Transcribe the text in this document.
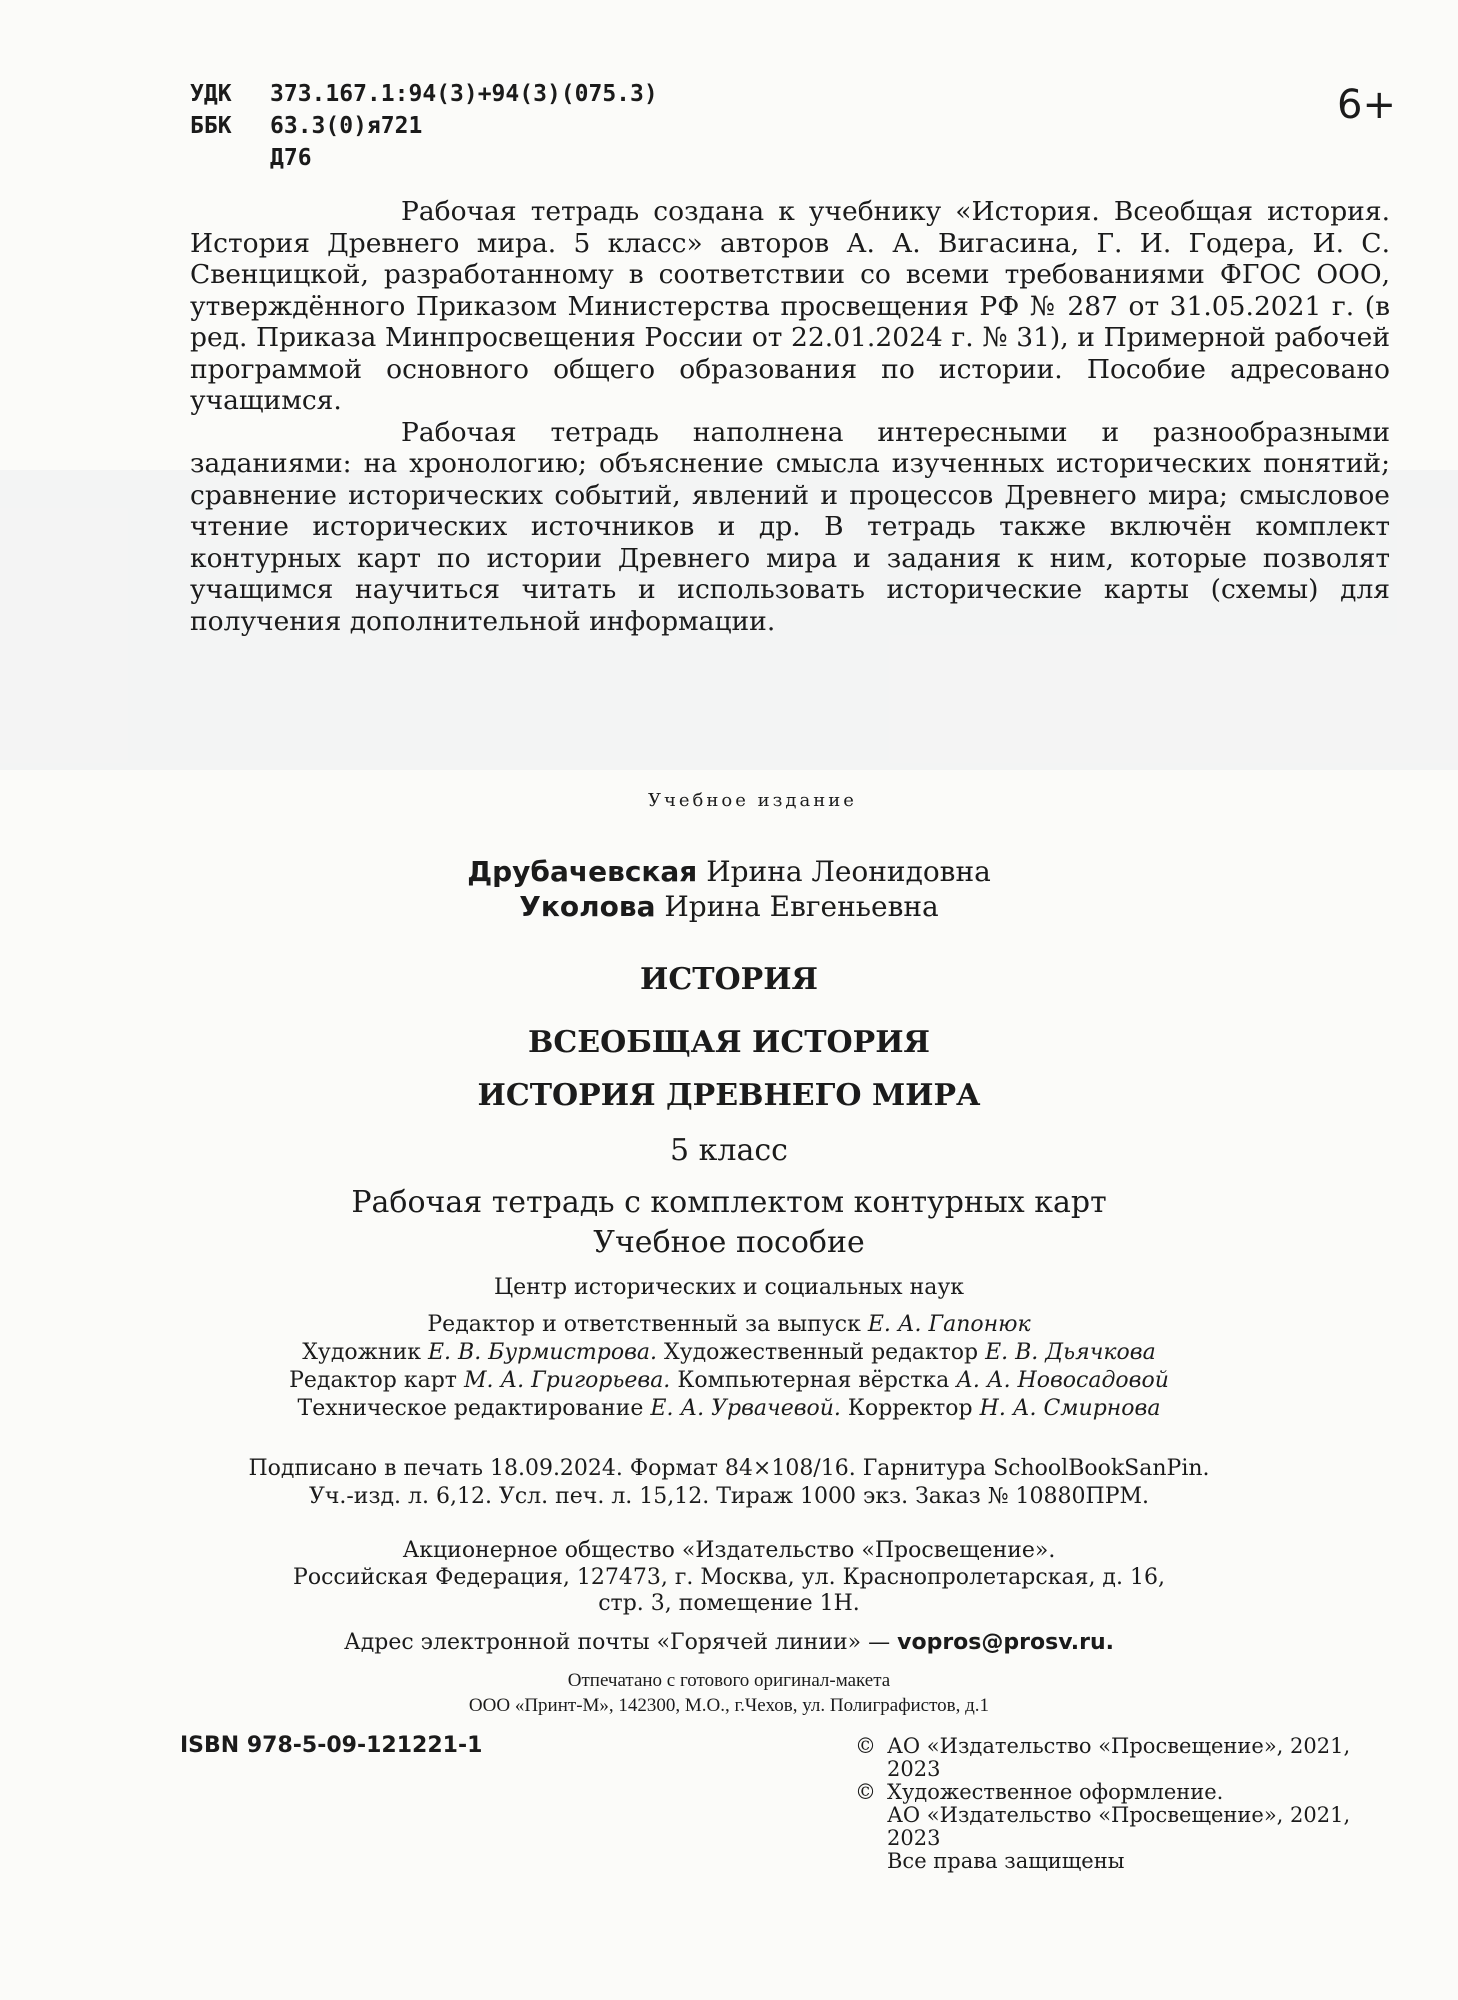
УДК 373.167.1:94(3)+94(3)(075.3)
ББК 63.3(0)я721
Д76
6+

Рабочая тетрадь создана к учебнику «История. Всеобщая история. История Древнего мира. 5 класс» авторов А. А. Вигасина, Г. И. Годера, И. С. Свенцицкой, разработанному в соответствии со всеми требованиями ФГОС ООО, утверждённого Приказом Министерства просвещения РФ № 287 от 31.05.2021 г. (в ред. Приказа Минпросвещения России от 22.01.2024 г. № 31), и Примерной рабочей программой основного общего образования по истории. Пособие адресовано учащимся.

Рабочая тетрадь наполнена интересными и разнообразными заданиями: на хронологию; объяснение смысла изученных исторических понятий; сравнение исторических событий, явлений и процессов Древнего мира; смысловое чтение исторических источников и др. В тетрадь также включён комплект контурных карт по истории Древнего мира и задания к ним, которые позволят учащимся научиться читать и использовать исторические карты (схемы) для получения дополнительной информации.

Учебное издание
Друбачевская Ирина Леонидовна
Уколова Ирина Евгеньевна
ИСТОРИЯ
ВСЕОБЩАЯ ИСТОРИЯ
ИСТОРИЯ ДРЕВНЕГО МИРА
5 класс
Рабочая тетрадь с комплектом контурных карт
Учебное пособие
Центр исторических и социальных наук
Редактор и ответственный за выпуск Е. А. Гапонюк
Художник Е. В. Бурмистрова. Художественный редактор Е. В. Дьячкова
Редактор карт М. А. Григорьева. Компьютерная вёрстка А. А. Новосадовой
Техническое редактирование Е. А. Урвачевой. Корректор Н. А. Смирнова
Подписано в печать 18.09.2024. Формат 84×108/16. Гарнитура SchoolBookSanPin.
Уч.-изд. л. 6,12. Усл. печ. л. 15,12. Тираж 1000 экз. Заказ № 10880ПРМ.
Акционерное общество «Издательство «Просвещение».
Российская Федерация, 127473, г. Москва, ул. Краснопролетарская, д. 16,
стр. 3, помещение 1Н.
Адрес электронной почты «Горячей линии» — vopros@prosv.ru.
Отпечатано с готового оригинал-макета
ООО «Принт-М», 142300, М.О., г.Чехов, ул. Полиграфистов, д.1
ISBN 978-5-09-121221-1	© АО «Издательство «Просвещение», 2021,
2023
© Художественное оформление.
АО «Издательство «Просвещение», 2021,
2023
Все права защищены
